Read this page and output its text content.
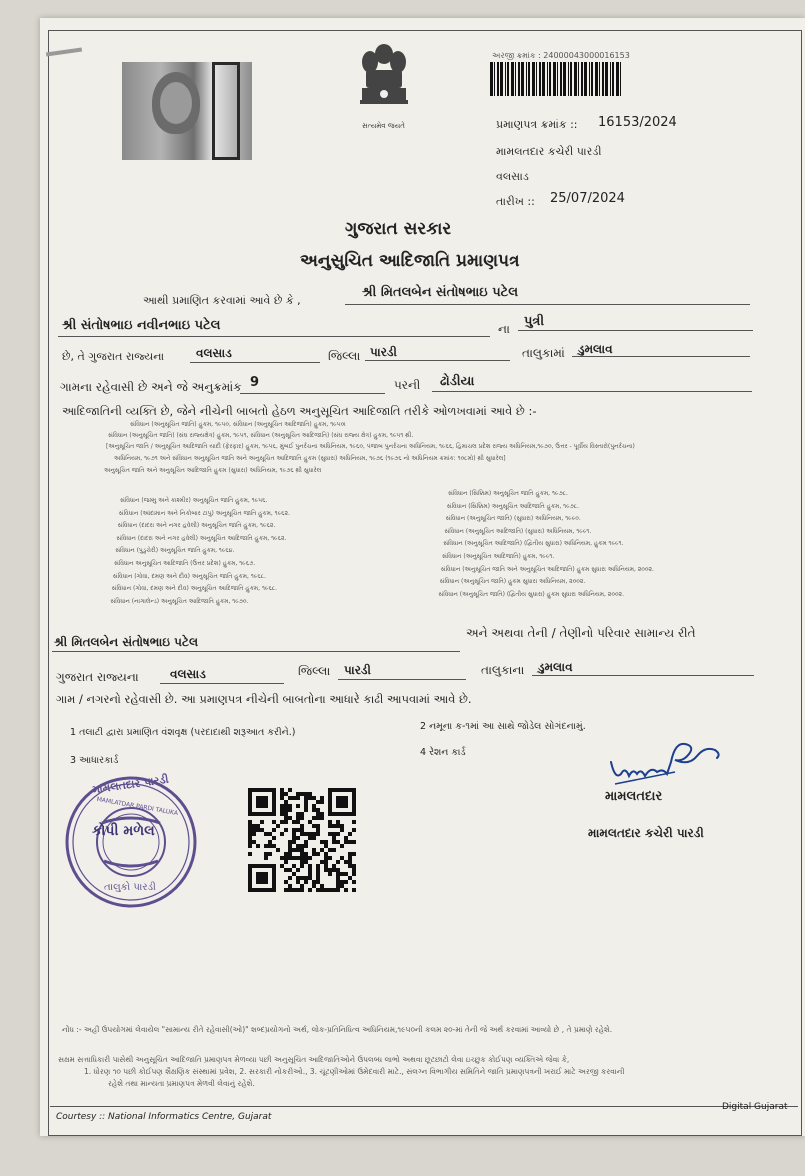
સત્યમેવ જયતે
અરજી ક્રમાંક : 24000043000016153
પ્રમાણપત્ર ક્રમાંક :: 16153/2024
મામલતદાર કચેરી પારડી
વલસાડ
તારીખ :: 25/07/2024
ગુજરાત સરકાર
અનુસુચિત આદિજાતિ પ્રમાણપત્ર
આથી પ્રમાણિત કરવામાં આવે છે કે ,
શ્રી મિતલબેન સંતોષભાઇ પટેલ
શ્રી સંતોષભાઇ નવીનભાઇ પટેલ	ના પુત્રી
છે, તે ગુજરાત રાજ્યના	વલસાડ	જિલ્લા પારડી	તાલુકામાં ડુમલાવ
ગામના રહેવાસી છે અને જે અનુક્રમાંક 9	પરની ઢોડીયા
આદિજાતિની વ્યક્તિ છે, જેને નીચેની બાબતો હેઠળ અનુસૂચિત આદિજાતિ તરીકે ઓળખવામાં આવે છે :-
સંવિધાન (અનુસૂચિત જાતિ) હુકમ, ૧૯૫૦, સંવિધાન (અનુસૂચિત આદિજાતિ) હુકમ, ૧૯૫૦।
સંવિધાન (અનુસૂચિત જાતિ) (સંઘ રાજ્યક્ષેત્ર) હુકમ, ૧૯૫૧, સંવિધાન (અનુસૂચિત આદિજાતિ) (સંઘ રાજ્ય ક્ષેત્ર) હુકમ, ૧૯૫૧ થી઼.
[અનુસૂચિત જાતિ / અનુસૂચિત આદિજાતિ યાદી (ફેરફાર) હુકમ, ૧૯૫૬, મુંબઈ પુનર્રચના અધિનિયમ, ૧૯૬૦, પંજાબ પુનર્રચના અધિનિયમ, ૧૯૬૬, હિમાચલ પ્રદેશ રાજ્ય અધિનિયમ,૧૯૭૦, ઉત્તર - પૂર્વીય વિસ્તારો(પુનર્રચના)
અધિનિયમ, ૧૯૭૧ અને સંવિધાન અનુસૂચિત જાતિ અને અનુસૂચિત આદિજાતિ હુકમ (સુધારા) અધિનિયમ, ૧૯૭૬ (૧૯૭૬ નો અધિનિયમ ક્રમાંક: ૧૦૮મો) થી઼ સુધારેલ]
અનુસૂચિત જાતિ અને અનુસૂચિત આદિજાતિ હુકમ (સુધારા) અધિનિયમ, ૧૯૭૬ થી઼ સુધારેલ
સંવિધાન (જમ્મુ અને કાશ્મીર) અનુસૂચિત જાતિ હુકમ, ૧૯૫૬.
સંવિધાન (આંદામાન અને નિકોબાર ટાપુ) અનુસૂચિત જાતિ હુકમ, ૧૯૬૨.
સંવિધાન (દાદરા અને નગર હવેલી) અનુસૂચિત જાતિ હુકમ, ૧૯૬૨.
સંવિધાન (દાદરા અને નગર હવેલી) અનુસૂચિત આદિજાતિ હુકમ, ૧૯૬૨.
સંવિધાન (પુડુચેરી) અનુસૂચિત જાતિ હુકમ, ૧૯૬૪.
સંવિધાન અનુસૂચિત આદિજાતિ (ઉત્તર પ્રદેશ) હુકમ, ૧૯૬૭.
સંવિધાન (ગોવા, દમણ અને દીવ) અનુસૂચિત જાતિ હુકમ, ૧૯૬૮.
સંવિધાન (ગોવા, દમણ અને દીવ) અનુસૂચિત આદિજાતિ હુકમ, ૧૯૬૮.
સંવિધાન (નાગાલેન્ડ) અનુસૂચિત આદિજાતિ હુકમ, ૧૯૭૦.
સંવિધાન (સિક્કિમ) અનુસૂચિત જાતિ હુકમ, ૧૯૭૮.
સંવિધાન (સિક્કિમ) અનુસૂચિત આદિજાતિ હુકમ, ૧૯૭૮.
સંવિધાન (અનુસૂચિત જાતિ) (સુધારા) અધિનિયમ, ૧૯૯૦.
સંવિધાન (અનુસૂચિત આદિજાતિ) (સુધારા) અધિનિયમ, ૧૯૯૧.
સંવિધાન (અનુસૂચિત આદિજાતિ) (દ્વિતીય સુધારા) અધિનિયમ, હુકમ ૧૯૯૧.
સંવિધાન (અનુસૂચિત આદિજાતિ) હુકમ, ૧૯૯૧.
સંવિધાન (અનુસૂચિત જાતિ અને અનુસૂચિત આદિજાતિ) હુકમ સુધારા અધિનિયમ, ૨૦૦૨.
સંવિધાન (અનુસૂચિત જાતિ) હુકમ સુધારા અધિનિયમ, ૨૦૦૨.
સંવિધાન (અનુસૂચિત જાતિ) (દ્વિતીય સુધારા) હુકમ સુધારા અધિનિયમ, ૨૦૦૨.
શ્રી મિતલબેન સંતોષભાઇ પટેલ
અને અથવા તેની / તેણીનો પરિવાર સામાન્ય રીતે
ગુજરાત રાજ્યના	વલસાડ	જિલ્લા પારડી	તાલુકાના ડુમલાવ
ગામ / નગરનો રહેવાસી છે. આ પ્રમાણપત્ર નીચેની બાબતોના આધારે કાઢી આપવામાં આવે છે.
1 તલાટી દ્વારા પ્રમાણિત વંશવૃક્ષ (પરદાદાથી શરૂઆત કરીને.)
2 નમૂના ક-૧માં આ સાથે જોડેલ સોગંદનામું.
3 આધારકાર્ડ
4 રેશન કાર્ડ
મામલતદાર પારડી
MAMLATDAR PARDI TALUKA
કોપી મળેલ
તાલુકો પારડી
મામલતદાર
મામલતદાર કચેરી પારડી
નોંધ :- અહીં ઉપયોગમાં લેવાયેલ "સામાન્ય રીતે રહેવાસી(ઓ)" શબ્દપ્રયોગનો અર્થ, લોક-પ્રતિનિધિત્વ અધિનિયમ,૧૯૫૦ની કલમ ૨૦-માં તેની જે અર્થ કરવામાં આવ્યો છે , તે પ્રમાણે રહેશે.
સક્ષમ સત્તાધિકારી પાસેથી અનુસૂચિત આદિજાતિ પ્રમાણપત્ર મેળવ્યા પછી અનુસૂચિત આદિજાતિઓને ઉપલબ્ધ લાભો અથવા છૂટછાટો લેવા ઇચ્છુક કોઈપણ વ્યક્તિએ જેવા કે,
1. ધોરણ ૧૦ પછી કોઈપણ શૈક્ષણિક સંસ્થામાં પ્રવેશ, 2. સરકારી નોકરીઓ., 3. ચૂંટણીઓમાં ઉમેદવારી માટે., સંલગ્ન વિભાગીય સમિતિને જાતિ પ્રમાણપત્રની ખરાઈ માટે અરજી કરવાની
રહેશે તથા માન્યતા પ્રમાણપત્ર મેળવી લેવાનું રહેશે.
Courtesy :: National Informatics Centre, Gujarat
Digital Gujarat
